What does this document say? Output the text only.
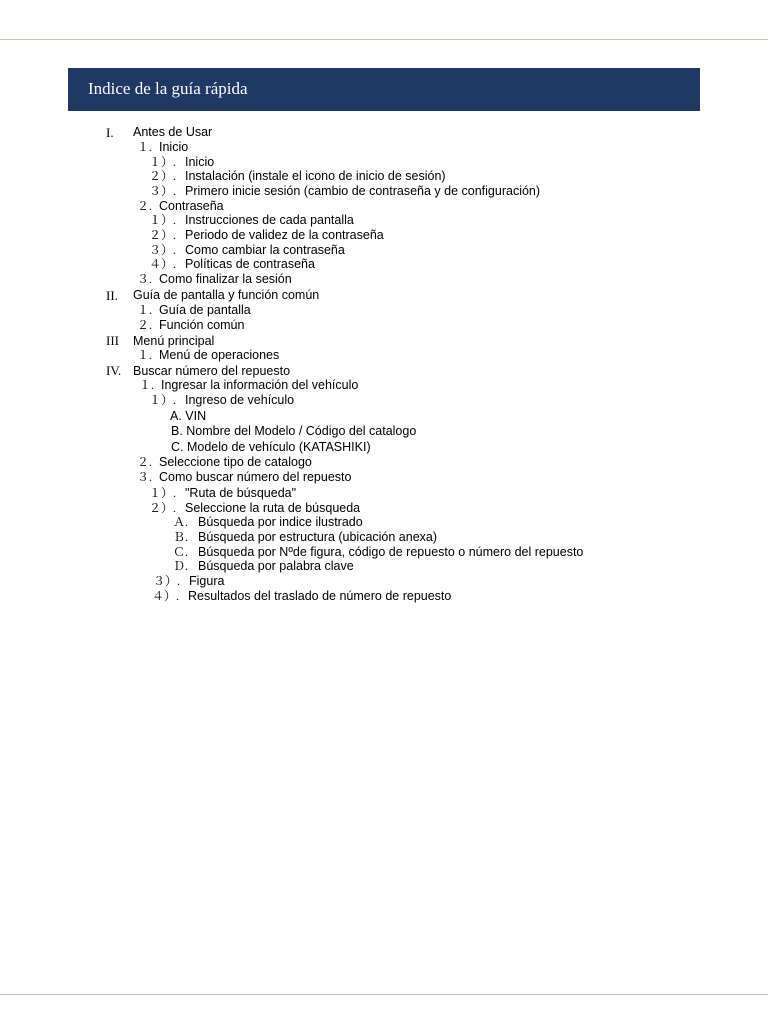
Indice de la guía rápida
I. Antes de Usar
１. Inicio
１）. Inicio
２）. Instalación (instale el icono de inicio de sesión)
３）. Primero inicie sesión (cambio de contraseña y de configuración)
２. Contraseña
１）. Instrucciones de cada pantalla
２）. Periodo de validez de la contraseña
３）. Como cambiar la contraseña
４）. Políticas de contraseña
３. Como finalizar la sesión
II. Guía de pantalla y función común
１. Guía de pantalla
２. Función común
III Menú principal
１. Menú de operaciones
IV. Buscar número del repuesto
１. Ingresar la información del vehículo
１）. Ingreso de vehículo
A. VIN
B. Nombre del Modelo / Código del catalogo
C. Modelo de vehículo (KATASHIKI)
２. Seleccione tipo de catalogo
３. Como buscar número del repuesto
１）. "Ruta de búsqueda"
２）. Seleccione la ruta de búsqueda
Ａ. Búsqueda por indice ilustrado
Ｂ. Búsqueda por estructura (ubicación anexa)
Ｃ. Búsqueda por Nºde figura, código de repuesto o número del repuesto
Ｄ. Búsqueda por palabra clave
３）. Figura
４）. Resultados del traslado de número de repuesto
